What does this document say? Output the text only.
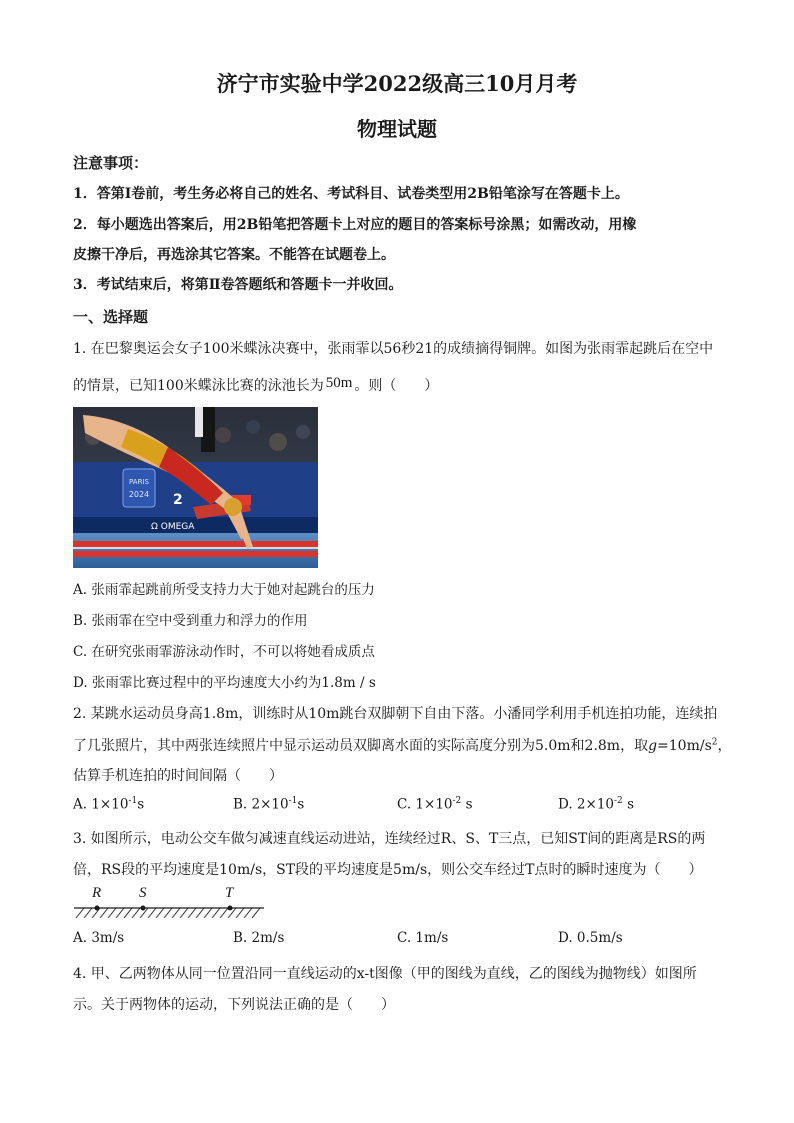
济宁市实验中学2022级高三10月月考
物理试题
注意事项：
1．答第Ⅰ卷前，考生务必将自己的姓名、考试科目、试卷类型用2B铅笔涂写在答题卡上。
2．每小题选出答案后，用2B铅笔把答题卡上对应的题目的答案标号涂黑；如需改动，用橡
皮擦干净后，再选涂其它答案。不能答在试题卷上。
3．考试结束后，将第Ⅱ卷答题纸和答题卡一并收回。
一、选择题
1. 在巴黎奥运会女子100米蝶泳决赛中，张雨霏以56秒21的成绩摘得铜牌。如图为张雨霏起跳后在空中
的情景，已知100米蝶泳比赛的泳池长为 50m 。则（　　）
PARIS
2024
Ω OMEGA
2
A. 张雨霏起跳前所受支持力大于她对起跳台的压力
B. 张雨霏在空中受到重力和浮力的作用
C. 在研究张雨霏游泳动作时，不可以将她看成质点
D. 张雨霏比赛过程中的平均速度大小约为1.8m / s
2. 某跳水运动员身高1.8m，训练时从10m跳台双脚朝下自由下落。小潘同学利用手机连拍功能，连续拍
了几张照片，其中两张连续照片中显示运动员双脚离水面的实际高度分别为5.0m和2.8m，取$g=10m/s^2$，
估算手机连拍的时间间隔（　　）
A. $1\times 10^{-1}s$	B. $2\times 10^{-1}s$	C. $1\times 10^{-2}$ s	D. $2\times 10^{-2}$ s
3. 如图所示，电动公交车做匀减速直线运动进站，连续经过R、S、T三点，已知ST间的距离是RS的两
倍，RS段的平均速度是10m/s，ST段的平均速度是5m/s，则公交车经过T点时的瞬时速度为（　　）
R	S	T
A. 3m/s	B. 2m/s	C. 1m/s	D. 0.5m/s
4. 甲、乙两物体从同一位置沿同一直线运动的x-t图像（甲的图线为直线，乙的图线为抛物线）如图所
示。关于两物体的运动，下列说法正确的是（　　）
